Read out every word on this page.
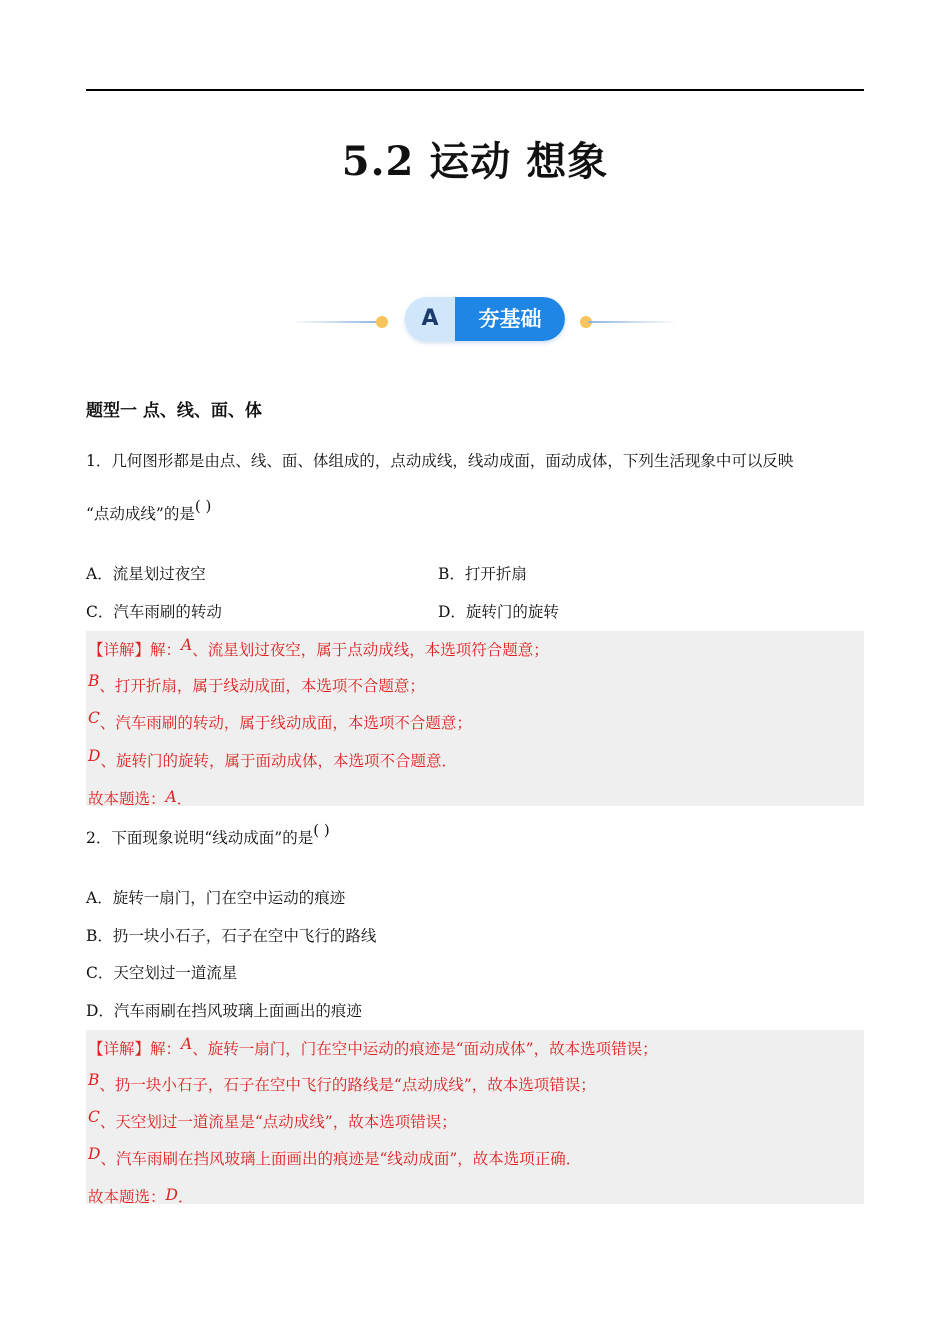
5.2 运动 想象
A	夯基础
题型一 点、线、面、体
1．几何图形都是由点、线、面、体组成的，点动成线，线动成面，面动成体，下列生活现象中可以反映
“点动成线”的是( )
A．流星划过夜空	B．打开折扇
C．汽车雨刷的转动	D．旋转门的旋转
【详解】解：A、流星划过夜空，属于点动成线，本选项符合题意；
B、打开折扇，属于线动成面，本选项不合题意；
C、汽车雨刷的转动，属于线动成面，本选项不合题意；
D、旋转门的旋转，属于面动成体，本选项不合题意．
故本题选：A．
2．下面现象说明“线动成面”的是( )
A．旋转一扇门，门在空中运动的痕迹
B．扔一块小石子，石子在空中飞行的路线
C．天空划过一道流星
D．汽车雨刷在挡风玻璃上面画出的痕迹
【详解】解：A、旋转一扇门，门在空中运动的痕迹是“面动成体”，故本选项错误；
B、扔一块小石子，石子在空中飞行的路线是“点动成线”，故本选项错误；
C、天空划过一道流星是“点动成线”，故本选项错误；
D、汽车雨刷在挡风玻璃上面画出的痕迹是“线动成面”，故本选项正确．
故本题选：D．
